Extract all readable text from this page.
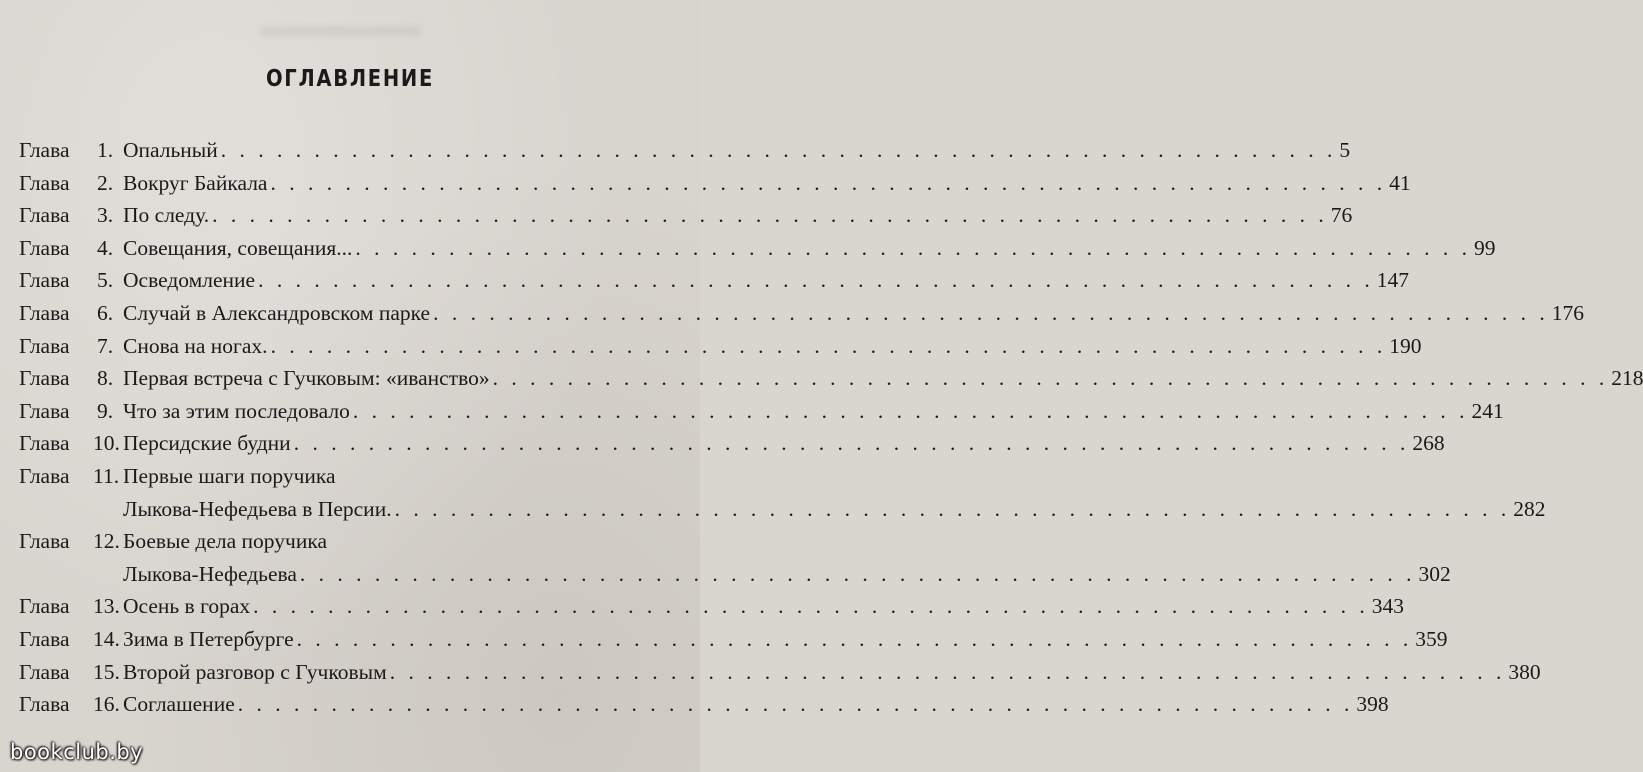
ОГЛАВЛЕНИЕ
Глава 1. Опальный . . . . . . . . . . . . . . . . . . . . . . . . . . . . . . . . . . . . . . . . . . . . . . . . . . . . . . . . . . . . 5
Глава 2. Вокруг Байкала . . . . . . . . . . . . . . . . . . . . . . . . . . . . . . . . . . . . . . . . . . . . . . . . . . . . . . . . . . . . 41
Глава 3. По следу. . . . . . . . . . . . . . . . . . . . . . . . . . . . . . . . . . . . . . . . . . . . . . . . . . . . . . . . . . . . . 76
Глава 4. Совещания, совещания... . . . . . . . . . . . . . . . . . . . . . . . . . . . . . . . . . . . . . . . . . . . . . . . . . . . . . . . . . . . . 99
Глава 5. Осведомление . . . . . . . . . . . . . . . . . . . . . . . . . . . . . . . . . . . . . . . . . . . . . . . . . . . . . . . . . . . . 147
Глава 6. Случай в Александровском парке . . . . . . . . . . . . . . . . . . . . . . . . . . . . . . . . . . . . . . . . . . . . . . . . . . . . . . . . . . . . 176
Глава 7. Снова на ногах. . . . . . . . . . . . . . . . . . . . . . . . . . . . . . . . . . . . . . . . . . . . . . . . . . . . . . . . . . . . . 190
Глава 8. Первая встреча с Гучковым: «иванство» . . . . . . . . . . . . . . . . . . . . . . . . . . . . . . . . . . . . . . . . . . . . . . . . . . . . . . . . . . . . 218
Глава 9. Что за этим последовало . . . . . . . . . . . . . . . . . . . . . . . . . . . . . . . . . . . . . . . . . . . . . . . . . . . . . . . . . . . . 241
Глава 10. Персидские будни . . . . . . . . . . . . . . . . . . . . . . . . . . . . . . . . . . . . . . . . . . . . . . . . . . . . . . . . . . . . 268
Глава 11. Первые шаги поручика
Лыкова-Нефедьева в Персии. . . . . . . . . . . . . . . . . . . . . . . . . . . . . . . . . . . . . . . . . . . . . . . . . . . . . . . . . . . . . 282
Глава 12. Боевые дела поручика
Лыкова-Нефедьева . . . . . . . . . . . . . . . . . . . . . . . . . . . . . . . . . . . . . . . . . . . . . . . . . . . . . . . . . . . . 302
Глава 13. Осень в горах . . . . . . . . . . . . . . . . . . . . . . . . . . . . . . . . . . . . . . . . . . . . . . . . . . . . . . . . . . . . 343
Глава 14. Зима в Петербурге . . . . . . . . . . . . . . . . . . . . . . . . . . . . . . . . . . . . . . . . . . . . . . . . . . . . . . . . . . . . 359
Глава 15. Второй разговор с Гучковым . . . . . . . . . . . . . . . . . . . . . . . . . . . . . . . . . . . . . . . . . . . . . . . . . . . . . . . . . . . . 380
Глава 16. Соглашение . . . . . . . . . . . . . . . . . . . . . . . . . . . . . . . . . . . . . . . . . . . . . . . . . . . . . . . . . . . . 398
bookclub.by
